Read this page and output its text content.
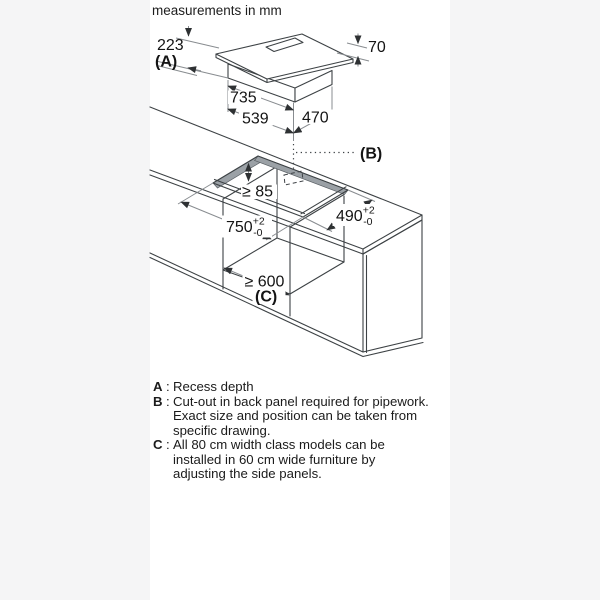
measurements in mm
223
(A)
70
735
539 470
≥ 85
$750^{+2}$ -0
$490^{+2}$ -0
≥ 600
(C)
(B)
A : Recess depth
B : Cut-out in back panel required for pipework.
Exact size and position can be taken from
specific drawing.
C : All 80 cm width class models can be
installed in 60 cm wide furniture by
adjusting the side panels.
